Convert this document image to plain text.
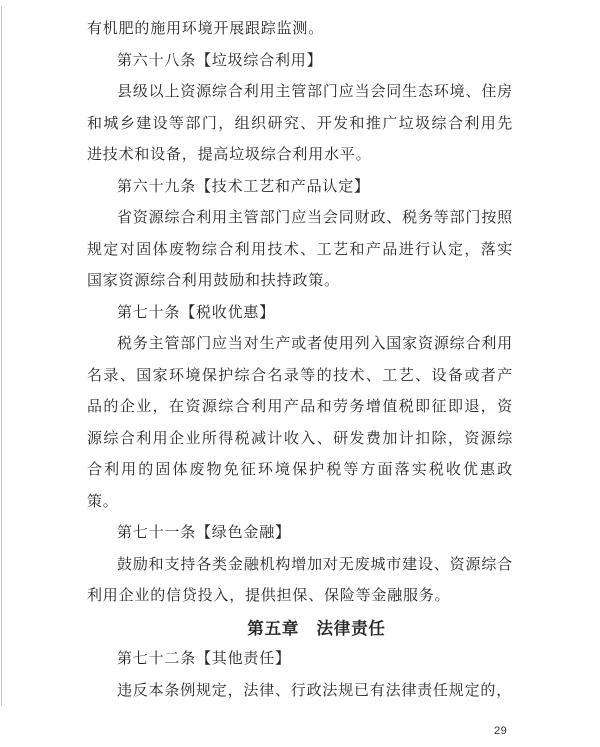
有机肥的施用环境开展跟踪监测。

第六十八条【垃圾综合利用】

县级以上资源综合利用主管部门应当会同生态环境、住房和城乡建设等部门，组织研究、开发和推广垃圾综合利用先进技术和设备，提高垃圾综合利用水平。

第六十九条【技术工艺和产品认定】

省资源综合利用主管部门应当会同财政、税务等部门按照规定对固体废物综合利用技术、工艺和产品进行认定，落实国家资源综合利用鼓励和扶持政策。

第七十条【税收优惠】

税务主管部门应当对生产或者使用列入国家资源综合利用名录、国家环境保护综合名录等的技术、工艺、设备或者产品的企业，在资源综合利用产品和劳务增值税即征即退，资源综合利用企业所得税减计收入、研发费加计扣除，资源综合利用的固体废物免征环境保护税等方面落实税收优惠政策。

第七十一条【绿色金融】

鼓励和支持各类金融机构增加对无废城市建设、资源综合利用企业的信贷投入，提供担保、保险等金融服务。

第五章　法律责任

第七十二条【其他责任】

违反本条例规定，法律、行政法规已有法律责任规定的，

29
